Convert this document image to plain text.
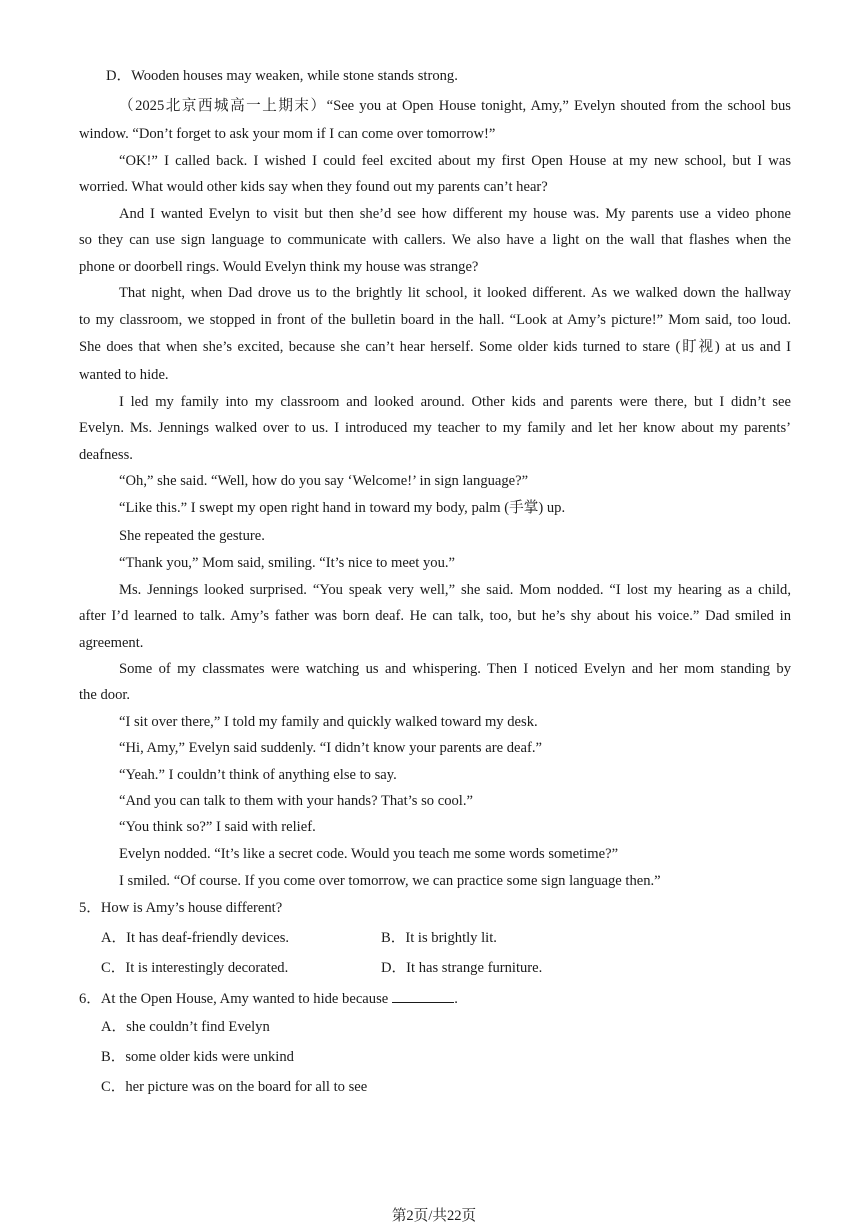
D．Wooden houses may weaken, while stone stands strong.
（2025北京西城高一上期末）“See you at Open House tonight, Amy,” Evelyn shouted from the school bus
window. “Don’t forget to ask your mom if I can come over tomorrow!”
“OK!” I called back. I wished I could feel excited about my first Open House at my new school, but I was
worried. What would other kids say when they found out my parents can’t hear?
And I wanted Evelyn to visit but then she’d see how different my house was. My parents use a video phone
so they can use sign language to communicate with callers. We also have a light on the wall that flashes when the
phone or doorbell rings. Would Evelyn think my house was strange?
That night, when Dad drove us to the brightly lit school, it looked different. As we walked down the hallway
to my classroom, we stopped in front of the bulletin board in the hall. “Look at Amy’s picture!” Mom said, too loud.
She does that when she’s excited, because she can’t hear herself. Some older kids turned to stare (盯视) at us and I
wanted to hide.
I led my family into my classroom and looked around. Other kids and parents were there, but I didn’t see
Evelyn. Ms. Jennings walked over to us. I introduced my teacher to my family and let her know about my parents’
deafness.
“Oh,” she said. “Well, how do you say ‘Welcome!’ in sign language?”
“Like this.” I swept my open right hand in toward my body, palm (手掌) up.
She repeated the gesture.
“Thank you,” Mom said, smiling. “It’s nice to meet you.”
Ms. Jennings looked surprised. “You speak very well,” she said. Mom nodded. “I lost my hearing as a child,
after I’d learned to talk. Amy’s father was born deaf. He can talk, too, but he’s shy about his voice.” Dad smiled in
agreement.
Some of my classmates were watching us and whispering. Then I noticed Evelyn and her mom standing by
the door.
“I sit over there,” I told my family and quickly walked toward my desk.
“Hi, Amy,” Evelyn said suddenly. “I didn’t know your parents are deaf.”
“Yeah.” I couldn’t think of anything else to say.
“And you can talk to them with your hands? That’s so cool.”
“You think so?” I said with relief.
Evelyn nodded. “It’s like a secret code. Would you teach me some words sometime?”
I smiled. “Of course. If you come over tomorrow, we can practice some sign language then.”
5．How is Amy’s house different?
A．It has deaf-friendly devices.	B．It is brightly lit.
C．It is interestingly decorated.	D．It has strange furniture.
6．At the Open House, Amy wanted to hide because	.
A．she couldn’t find Evelyn
B．some older kids were unkind
C．her picture was on the board for all to see
第2页/共22页
